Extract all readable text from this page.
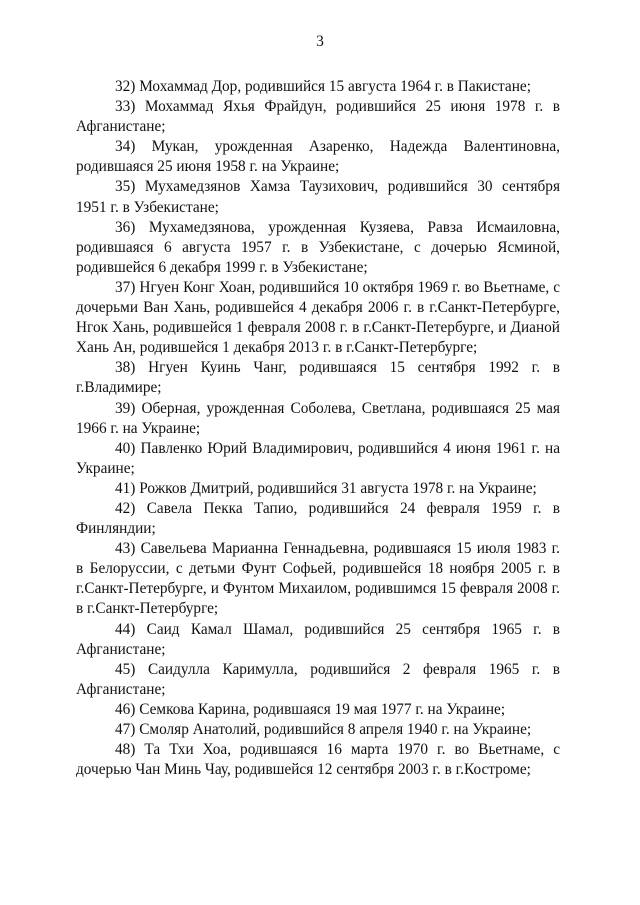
3

32) Мохаммад Дор, родившийся 15 августа 1964 г. в Пакистане;

33) Мохаммад Яхья Фрайдун, родившийся 25 июня 1978 г. в Афганистане;

34) Мукан, урожденная Азаренко, Надежда Валентиновна, родившаяся 25 июня 1958 г. на Украине;

35) Мухамедзянов Хамза Таузихович, родившийся 30 сентября 1951 г. в Узбекистане;

36) Мухамедзянова, урожденная Кузяева, Равза Исмаиловна, родившаяся 6 августа 1957 г. в Узбекистане, с дочерью Ясминой, родившейся 6 декабря 1999 г. в Узбекистане;

37) Нгуен Конг Хоан, родившийся 10 октября 1969 г. во Вьетнаме, с дочерьми Ван Хань, родившейся 4 декабря 2006 г. в г.Санкт-Петербурге, Нгок Хань, родившейся 1 февраля 2008 г. в г.Санкт-Петербурге, и Дианой Хань Ан, родившейся 1 декабря 2013 г. в г.Санкт-Петербурге;

38) Нгуен Куинь Чанг, родившаяся 15 сентября 1992 г. в г.Владимире;

39) Оберная, урожденная Соболева, Светлана, родившаяся 25 мая 1966 г. на Украине;

40) Павленко Юрий Владимирович, родившийся 4 июня 1961 г. на Украине;

41) Рожков Дмитрий, родившийся 31 августа 1978 г. на Украине;

42) Савела Пекка Тапио, родившийся 24 февраля 1959 г. в Финляндии;

43) Савельева Марианна Геннадьевна, родившаяся 15 июля 1983 г. в Белоруссии, с детьми Фунт Софьей, родившейся 18 ноября 2005 г. в г.Санкт-Петербурге, и Фунтом Михаилом, родившимся 15 февраля 2008 г. в г.Санкт-Петербурге;

44) Саид Камал Шамал, родившийся 25 сентября 1965 г. в Афганистане;

45) Саидулла Каримулла, родившийся 2 февраля 1965 г. в Афганистане;

46) Семкова Карина, родившаяся 19 мая 1977 г. на Украине;

47) Смоляр Анатолий, родившийся 8 апреля 1940 г. на Украине;

48) Та Тхи Хоа, родившаяся 16 марта 1970 г. во Вьетнаме, с дочерью Чан Минь Чау, родившейся 12 сентября 2003 г. в г.Костроме;
